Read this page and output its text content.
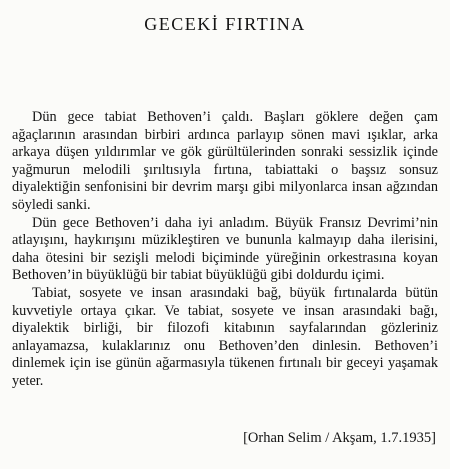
GECEKİ FIRTINA

Dün gece tabiat Bethoven’i çaldı. Başları göklere değen çam ağaçlarının arasından birbiri ardınca parlayıp sönen mavi ışıklar, arka arkaya düşen yıldırımlar ve gök gürültülerinden sonraki sessizlik içinde yağmurun melodili şırıltısıyla fırtına, tabiattaki o başsız sonsuz diyalektiğin senfonisini bir devrim marşı gibi milyonlarca insan ağzından söyledi sanki.

Dün gece Bethoven’i daha iyi anladım. Büyük Fransız Devrimi’nin atlayışını, haykırışını müzikleştiren ve bununla kalmayıp daha ilerisini, daha ötesini bir sezişli melodi biçiminde yüreğinin orkestrasına koyan Bethoven’in büyüklüğü bir tabiat büyüklüğü gibi doldurdu içimi.

Tabiat, sosyete ve insan arasındaki bağ, büyük fırtınalarda bütün kuvvetiyle ortaya çıkar. Ve tabiat, sosyete ve insan arasındaki bağı, diyalektik birliği, bir filozofi kitabının sayfalarından gözleriniz anlayamazsa, kulaklarınız onu Bethoven’den dinlesin. Bethoven’i dinlemek için ise günün ağarmasıyla tükenen fırtınalı bir geceyi yaşamak yeter.

[Orhan Selim / Akşam, 1.7.1935]
